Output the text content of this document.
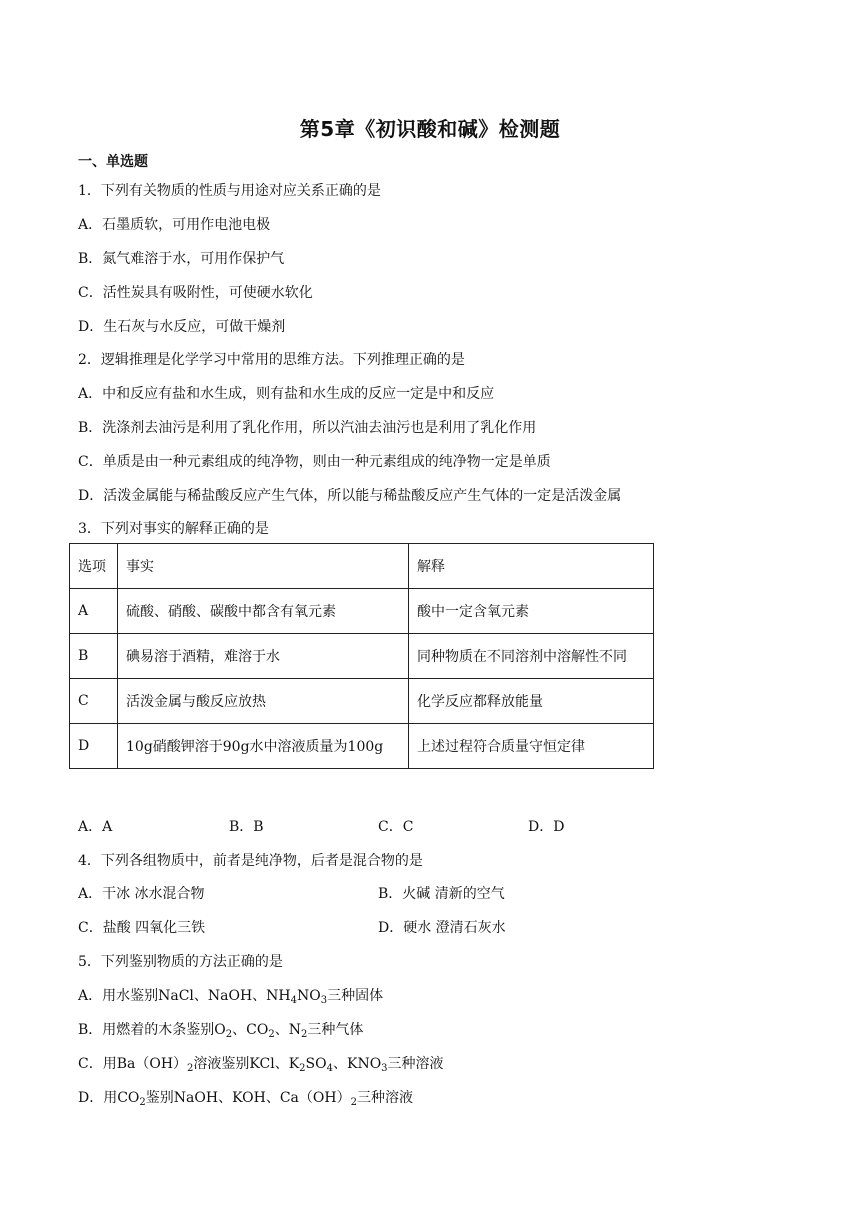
第5章《初识酸和碱》检测题
一、单选题
1．下列有关物质的性质与用途对应关系正确的是
A．石墨质软，可用作电池电极
B．氮气难溶于水，可用作保护气
C．活性炭具有吸附性，可使硬水软化
D．生石灰与水反应，可做干燥剂
2．逻辑推理是化学学习中常用的思维方法。下列推理正确的是
A．中和反应有盐和水生成，则有盐和水生成的反应一定是中和反应
B．洗涤剂去油污是利用了乳化作用，所以汽油去油污也是利用了乳化作用
C．单质是由一种元素组成的纯净物，则由一种元素组成的纯净物一定是单质
D．活泼金属能与稀盐酸反应产生气体，所以能与稀盐酸反应产生气体的一定是活泼金属
3．下列对事实的解释正确的是
选项	事实	解释
A	硫酸、硝酸、碳酸中都含有氧元素	酸中一定含氧元素
B	碘易溶于酒精，难溶于水	同种物质在不同溶剂中溶解性不同
C	活泼金属与酸反应放热	化学反应都释放能量
D	10g硝酸钾溶于90g水中溶液质量为100g	上述过程符合质量守恒定律
A．A	B．B	C．C	D．D
4．下列各组物质中，前者是纯净物，后者是混合物的是
A．干冰 冰水混合物	B．火碱 清新的空气
C．盐酸 四氧化三铁	D．硬水 澄清石灰水
5．下列鉴别物质的方法正确的是
A．用水鉴别NaCl、NaOH、$NH_4NO_3$三种固体
B．用燃着的木条鉴别$O_2$、$CO_2$、$N_2$三种气体
C．用$Ba(OH)_2$溶液鉴别KCl、$K_2SO_4$、$KNO_3$三种溶液
D．用$CO_2$鉴别NaOH、KOH、$Ca(OH)_2$三种溶液
